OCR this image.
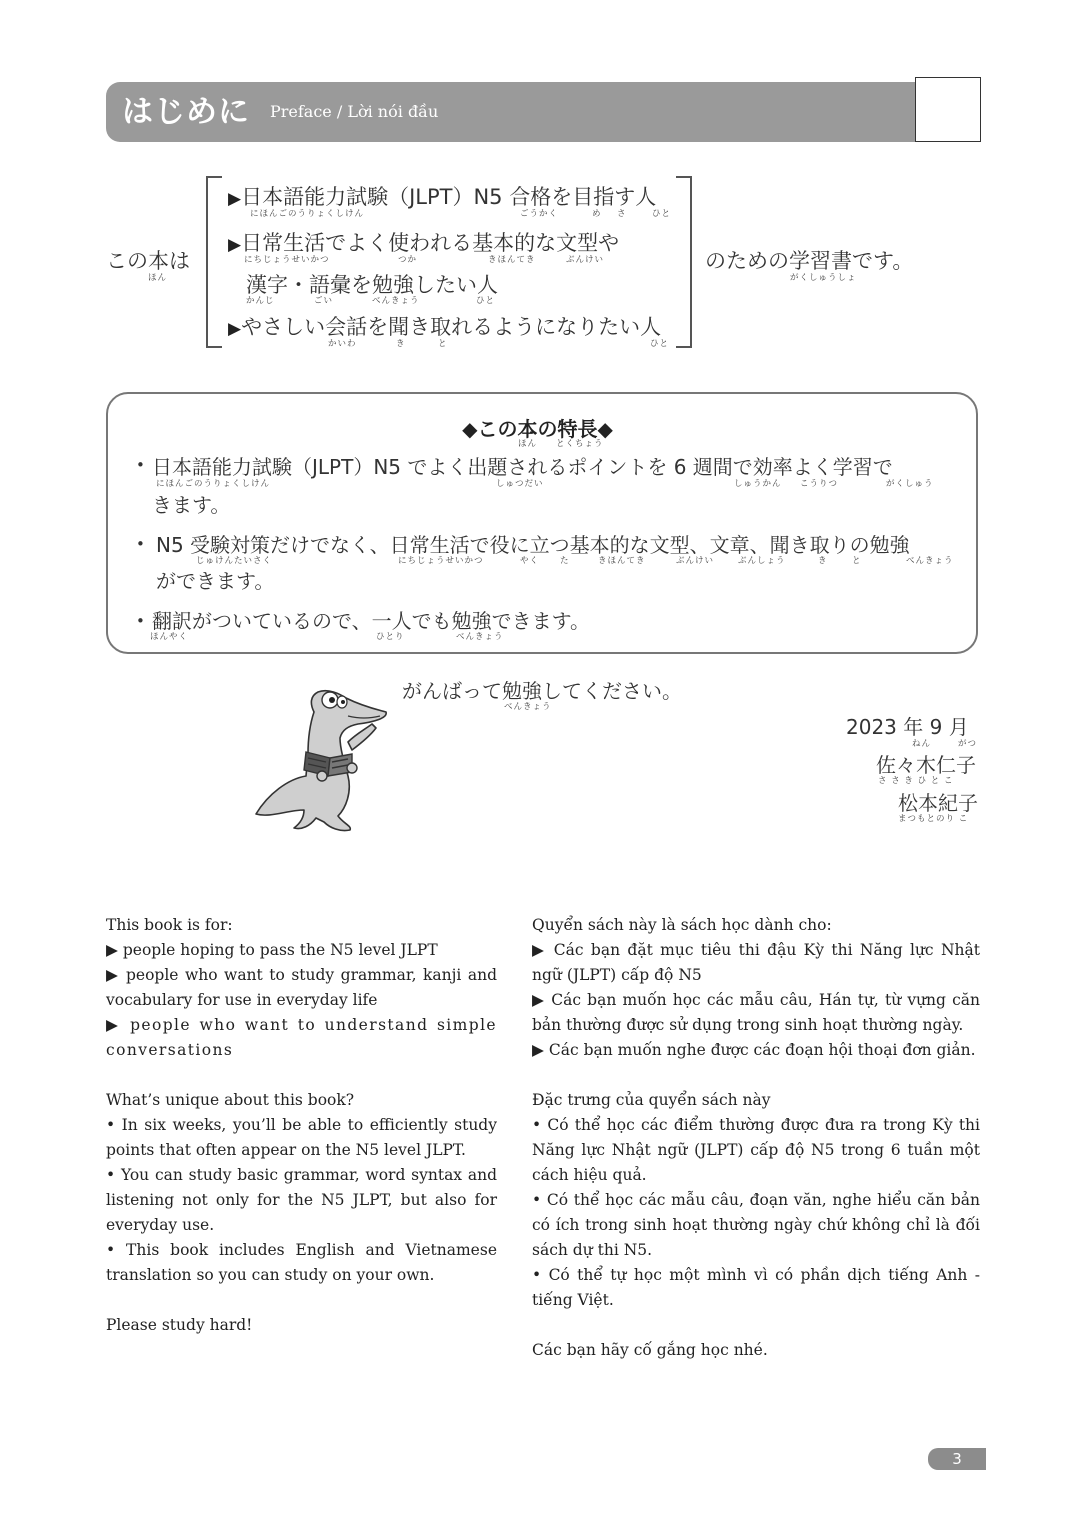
はじめに Preface / Lời nói đầu
この本は
ほん
▶日本語能力試験（JLPT）N5 合格を目指す人
にほんごのうりょくしけん	ごうかく	め さ	ひと
▶日常生活でよく使われる基本的な文型や
にちじょうせいかつ	つか	きほんてき	ぶんけい
漢字・語彙を勉強したい人
かんじ	ごい	べんきょう	ひと
▶やさしい会話を聞き取れるようになりたい人
かいわ	き	と	ひと
のための学習書です。
がくしゅうしょ
◆この本の特長◆
ほん とくちょう
• 日本語能力試験（JLPT）N5 でよく出題されるポイントを 6 週間で効率よく学習で
きます。
にほんごのうりょくしけん	しゅつだい	しゅうかん こうりつ	がくしゅう
• N5 受験対策だけでなく、日常生活で役に立つ基本的な文型、文章、聞き取りの勉強
ができます。
じゅけんたいさく	にちじょうせいかつ	やく た	きほんてき	ぶんけい	ぶんしょう	き	と	べんきょう
• 翻訳がついているので、一人でも勉強できます。
ほんやく	ひとり	べんきょう
がんばって勉強してください。
べんきょう
2023 年 9 月
ねん	がつ
佐々木仁子
さ さ き ひ と こ
松本紀子
まつもとのり こ

This book is for:

▶ people hoping to pass the N5 level JLPT

▶ people who want to study grammar, kanji and vocabulary for use in everyday life

▶ people who want to understand simple conversations

What’s unique about this book?

• In six weeks, you’ll be able to efficiently study points that often appear on the N5 level JLPT.

• You can study basic grammar, word syntax and listening not only for the N5 JLPT, but also for everyday use.

• This book includes English and Vietnamese translation so you can study on your own.

Please study hard!

Quyển sách này là sách học dành cho:

▶ Các bạn đặt mục tiêu thi đậu Kỳ thi Năng lực Nhật ngữ (JLPT) cấp độ N5

▶ Các bạn muốn học các mẫu câu, Hán tự, từ vựng căn bản thường được sử dụng trong sinh hoạt thường ngày.

▶ Các bạn muốn nghe được các đoạn hội thoại đơn giản.

Đặc trưng của quyển sách này

• Có thể học các điểm thường được đưa ra trong Kỳ thi Năng lực Nhật ngữ (JLPT) cấp độ N5 trong 6 tuần một cách hiệu quả.

• Có thể học các mẫu câu, đoạn văn, nghe hiểu căn bản có ích trong sinh hoạt thường ngày chứ không chỉ là đối sách dự thi N5.

• Có thể tự học một mình vì có phần dịch tiếng Anh - tiếng Việt.

Các bạn hãy cố gắng học nhé.

3
